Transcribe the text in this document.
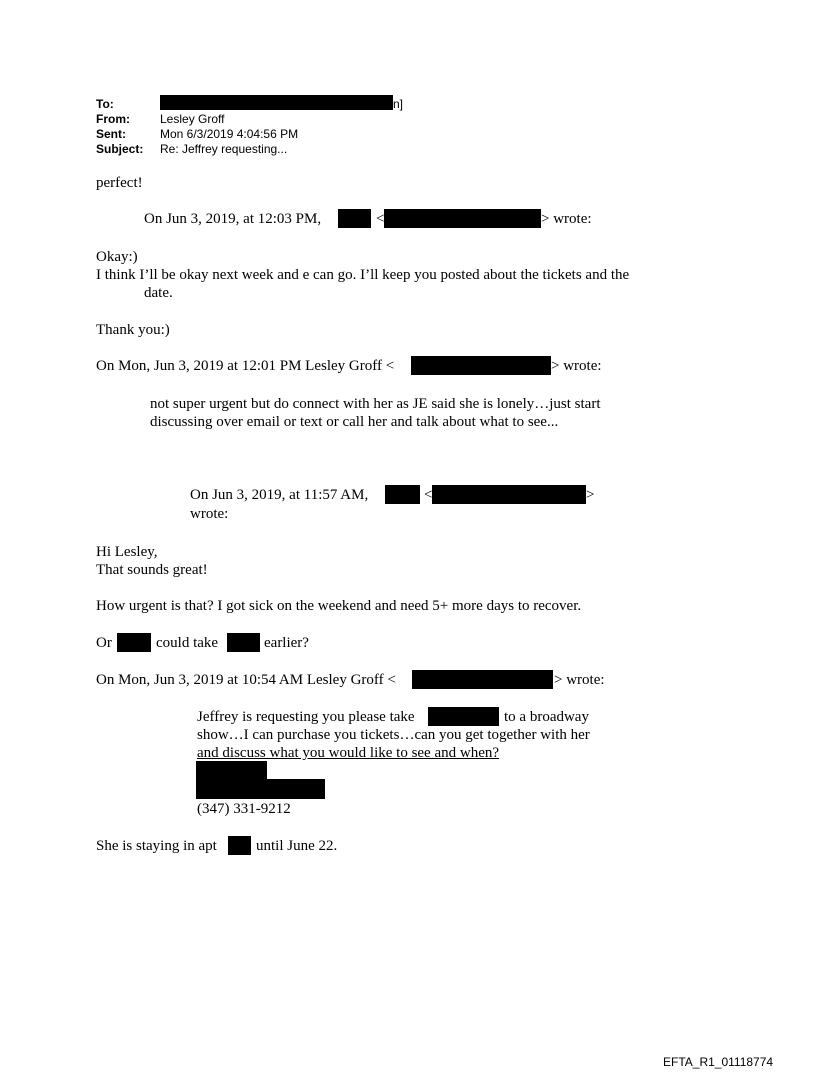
To:	n]
From:	Lesley Groff
Sent:	Mon 6/3/2019 4:04:56 PM
Subject: Re: Jeffrey requesting...
perfect!
On Jun 3, 2019, at 12:03 PM,	<	> wrote:
Okay:)
I think I’ll be okay next week and e can go. I’ll keep you posted about the tickets and the
date.
Thank you:)
On Mon, Jun 3, 2019 at 12:01 PM Lesley Groff <	> wrote:
not super urgent but do connect with her as JE said she is lonely…just start
discussing over email or text or call her and talk about what to see...
On Jun 3, 2019, at 11:57 AM,	<	>
wrote:
Hi Lesley,
That sounds great!
How urgent is that? I got sick on the weekend and need 5+ more days to recover.
Or	could take	earlier?
On Mon, Jun 3, 2019 at 10:54 AM Lesley Groff <	> wrote:
Jeffrey is requesting you please take	to a broadway
show…I can purchase you tickets…can you get together with her
and discuss what you would like to see and when?
(347) 331-9212
She is staying in apt	until June 22.
EFTA_R1_01118774
